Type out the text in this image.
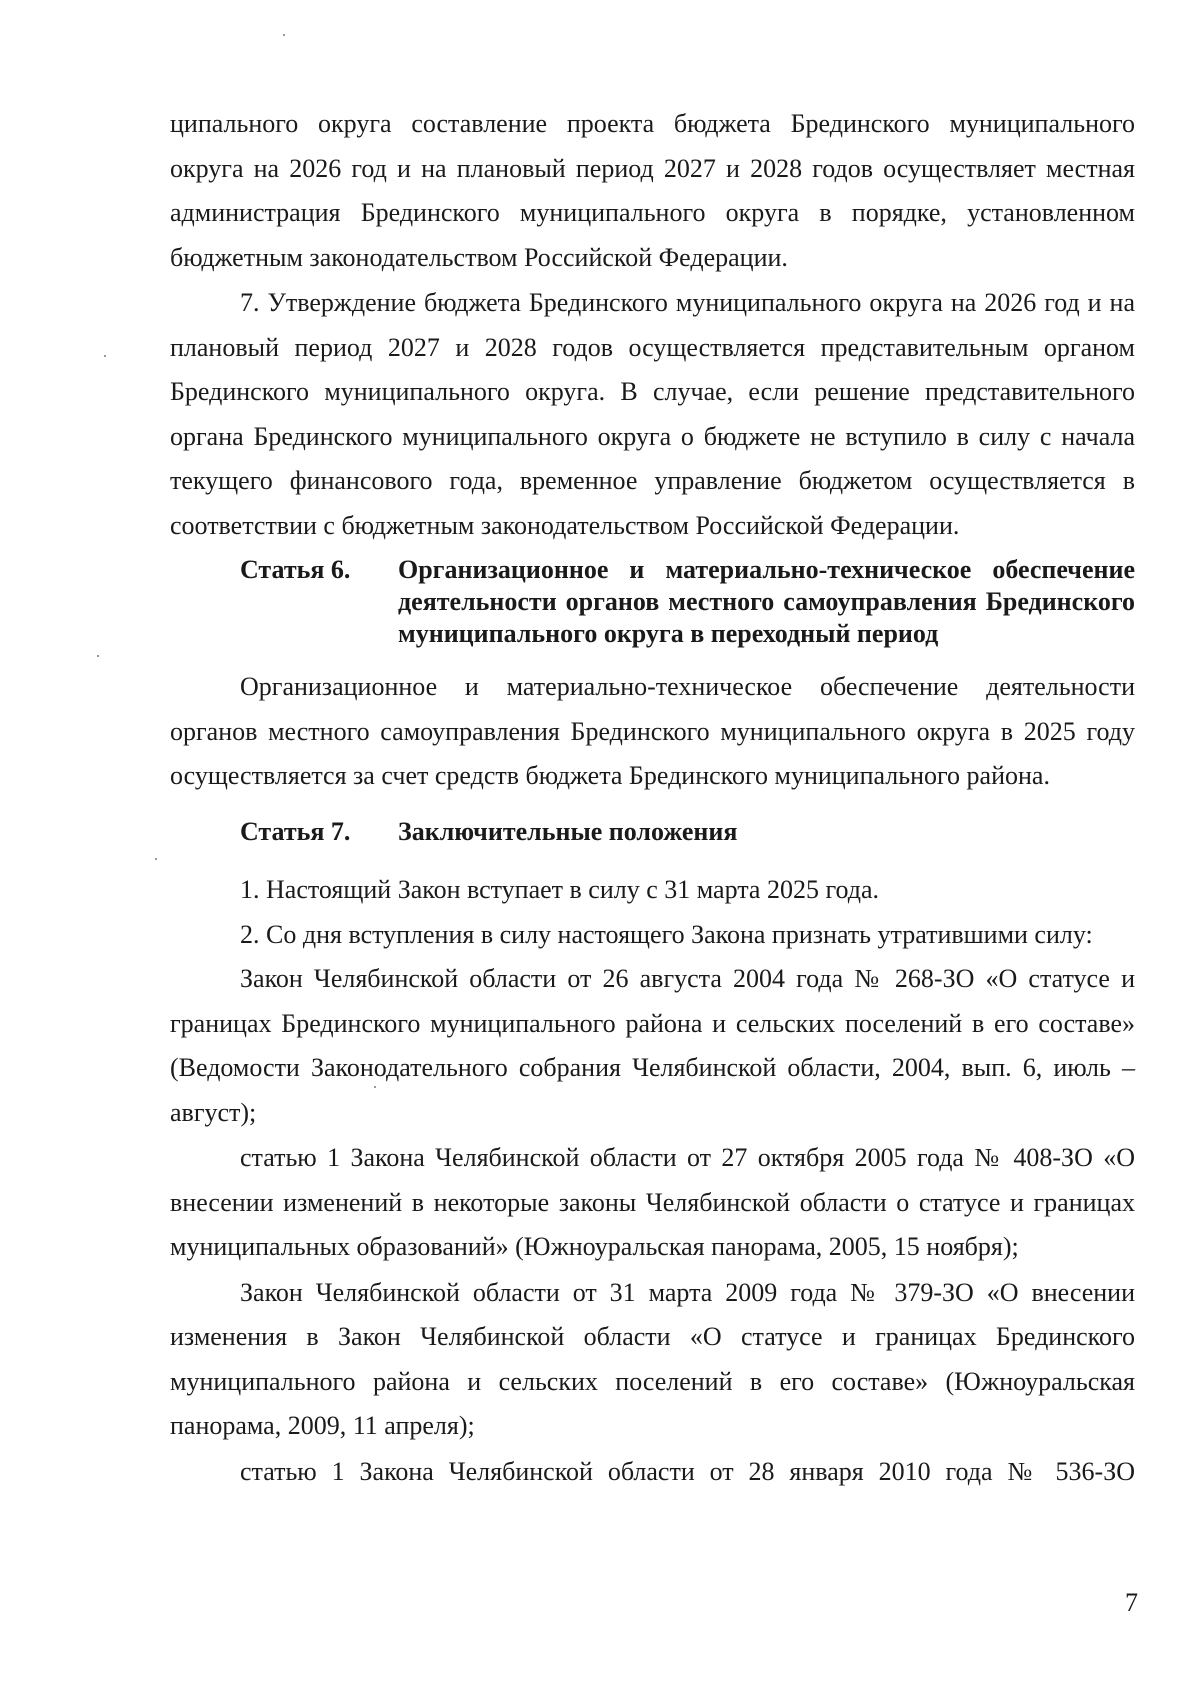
ципального округа составление проекта бюджета Брединского муниципального округа на 2026 год и на плановый период 2027 и 2028 годов осуществляет местная администрация Брединского муниципального округа в порядке, установленном бюджетным законодательством Российской Федерации.

7. Утверждение бюджета Брединского муниципального округа на 2026 год и на плановый период 2027 и 2028 годов осуществляется представительным органом Брединского муниципального округа. В случае, если решение представительного органа Брединского муниципального округа о бюджете не вступило в силу с начала текущего финансового года, временное управление бюджетом осуществляется в соответствии с бюджетным законодательством Российской Федерации.

Статья 6.	Организационное и материально-техническое обеспечение деятельности органов местного самоуправления Брединского муниципального округа в переходный период

Организационное и материально-техническое обеспечение деятельности органов местного самоуправления Брединского муниципального округа в 2025 году осуществляется за счет средств бюджета Брединского муниципального района.

Статья 7.	Заключительные положения

1. Настоящий Закон вступает в силу с 31 марта 2025 года.

2. Со дня вступления в силу настоящего Закона признать утратившими силу:

Закон Челябинской области от 26 августа 2004 года № 268-ЗО «О статусе и границах Брединского муниципального района и сельских поселений в его составе» (Ведомости Законодательного собрания Челябинской области, 2004, вып. 6, июль – август);

статью 1 Закона Челябинской области от 27 октября 2005 года № 408-ЗО «О внесении изменений в некоторые законы Челябинской области о статусе и границах муниципальных образований» (Южноуральская панорама, 2005, 15 ноября);

Закон Челябинской области от 31 марта 2009 года № 379-ЗО «О внесении изменения в Закон Челябинской области «О статусе и границах Брединского муниципального района и сельских поселений в его составе» (Южноуральская панорама, 2009, 11 апреля);

статью 1 Закона Челябинской области от 28 января 2010 года № 536-ЗО

7
